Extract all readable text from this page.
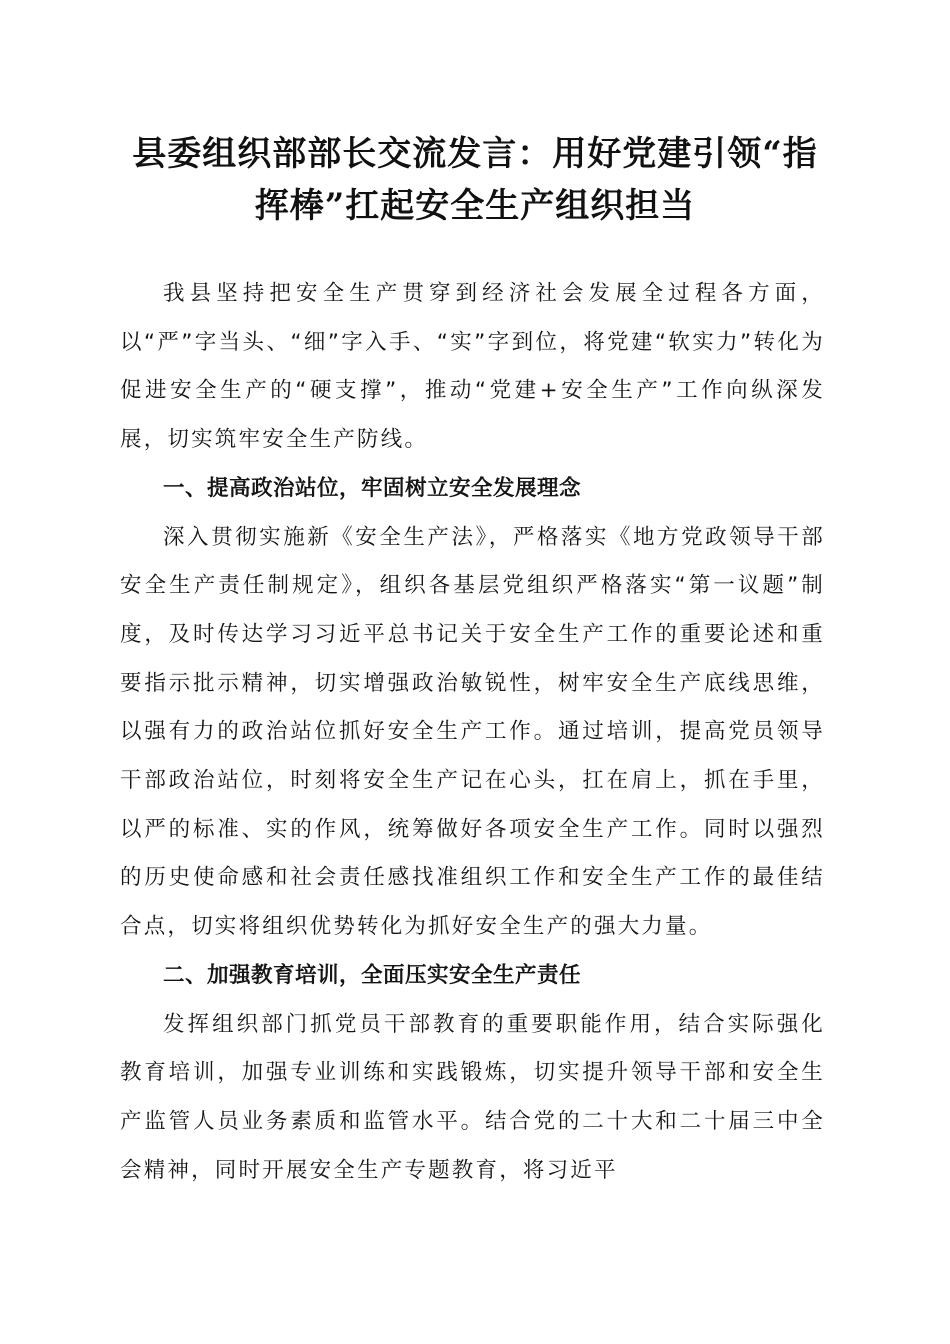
县委组织部部长交流发言：用好党建引领“指
挥棒”扛起安全生产组织担当

我县坚持把安全生产贯穿到经济社会发展全过程各方面，以“严”字当头、“细”字入手、“实”字到位，将党建“软实力”转化为促进安全生产的“硬支撑”，推动“党建+安全生产”工作向纵深发展，切实筑牢安全生产防线。

一、提高政治站位，牢固树立安全发展理念

深入贯彻实施新《安全生产法》，严格落实《地方党政领导干部安全生产责任制规定》，组织各基层党组织严格落实“第一议题”制度，及时传达学习习近平总书记关于安全生产工作的重要论述和重要指示批示精神，切实增强政治敏锐性，树牢安全生产底线思维，以强有力的政治站位抓好安全生产工作。通过培训，提高党员领导干部政治站位，时刻将安全生产记在心头，扛在肩上，抓在手里，以严的标准、实的作风，统筹做好各项安全生产工作。同时以强烈的历史使命感和社会责任感找准组织工作和安全生产工作的最佳结合点，切实将组织优势转化为抓好安全生产的强大力量。

二、加强教育培训，全面压实安全生产责任

发挥组织部门抓党员干部教育的重要职能作用，结合实际强化教育培训，加强专业训练和实践锻炼，切实提升领导干部和安全生产监管人员业务素质和监管水平。结合党的二十大和二十届三中全会精神，同时开展安全生产专题教育，将习近平
